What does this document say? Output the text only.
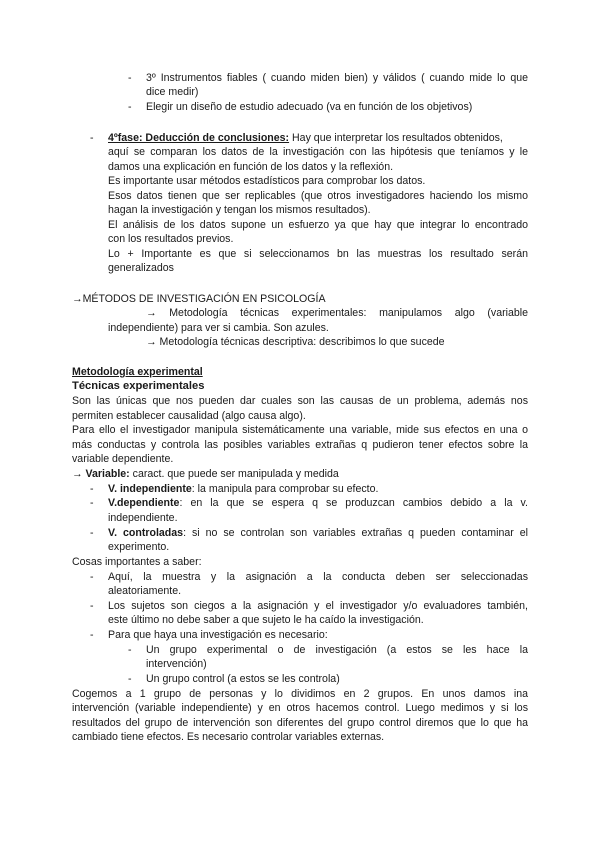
- 3º Instrumentos fiables ( cuando miden bien) y válidos ( cuando mide lo que
dice medir)
- Elegir un diseño de estudio adecuado (va en función de los objetivos)
- 4ºfase: Deducción de conclusiones: Hay que interpretar los resultados obtenidos,
aquí se comparan los datos de la investigación con las hipótesis que teníamos y le
damos una explicación en función de los datos y la reflexión.
Es importante usar métodos estadísticos para comprobar los datos.
Esos datos tienen que ser replicables (que otros investigadores haciendo los mismo
hagan la investigación y tengan los mismos resultados).
El análisis de los datos supone un esfuerzo ya que hay que integrar lo encontrado
con los resultados previos.
Lo + Importante es que si seleccionamos bn las muestras los resultado serán
generalizados
→MÉTODOS DE INVESTIGACIÓN EN PSICOLOGÍA
→ Metodología técnicas experimentales: manipulamos algo (variable
independiente) para ver si cambia. Son azules.
→ Metodología técnicas descriptiva: describimos lo que sucede
Metodología experimental
Técnicas experimentales
Son las únicas que nos pueden dar cuales son las causas de un problema, además nos
permiten establecer causalidad (algo causa algo).
Para ello el investigador manipula sistemáticamente una variable, mide sus efectos en una o
más conductas y controla las posibles variables extrañas q pudieron tener efectos sobre la
variable dependiente.
→ Variable: caract. que puede ser manipulada y medida
- V. independiente: la manipula para comprobar su efecto.
- V.dependiente: en la que se espera q se produzcan cambios debido a la v.
independiente.
- V. controladas: si no se controlan son variables extrañas q pueden contaminar el
experimento.
Cosas importantes a saber:
- Aquí, la muestra y la asignación a la conducta deben ser seleccionadas
aleatoriamente.
- Los sujetos son ciegos a la asignación y el investigador y/o evaluadores también,
este último no debe saber a que sujeto le ha caído la investigación.
- Para que haya una investigación es necesario:
- Un grupo experimental o de investigación (a estos se les hace la
intervención)
- Un grupo control (a estos se les controla)
Cogemos a 1 grupo de personas y lo dividimos en 2 grupos. En unos damos ina
intervención (variable independiente) y en otros hacemos control. Luego medimos y si los
resultados del grupo de intervención son diferentes del grupo control diremos que lo que ha
cambiado tiene efectos. Es necesario controlar variables externas.
